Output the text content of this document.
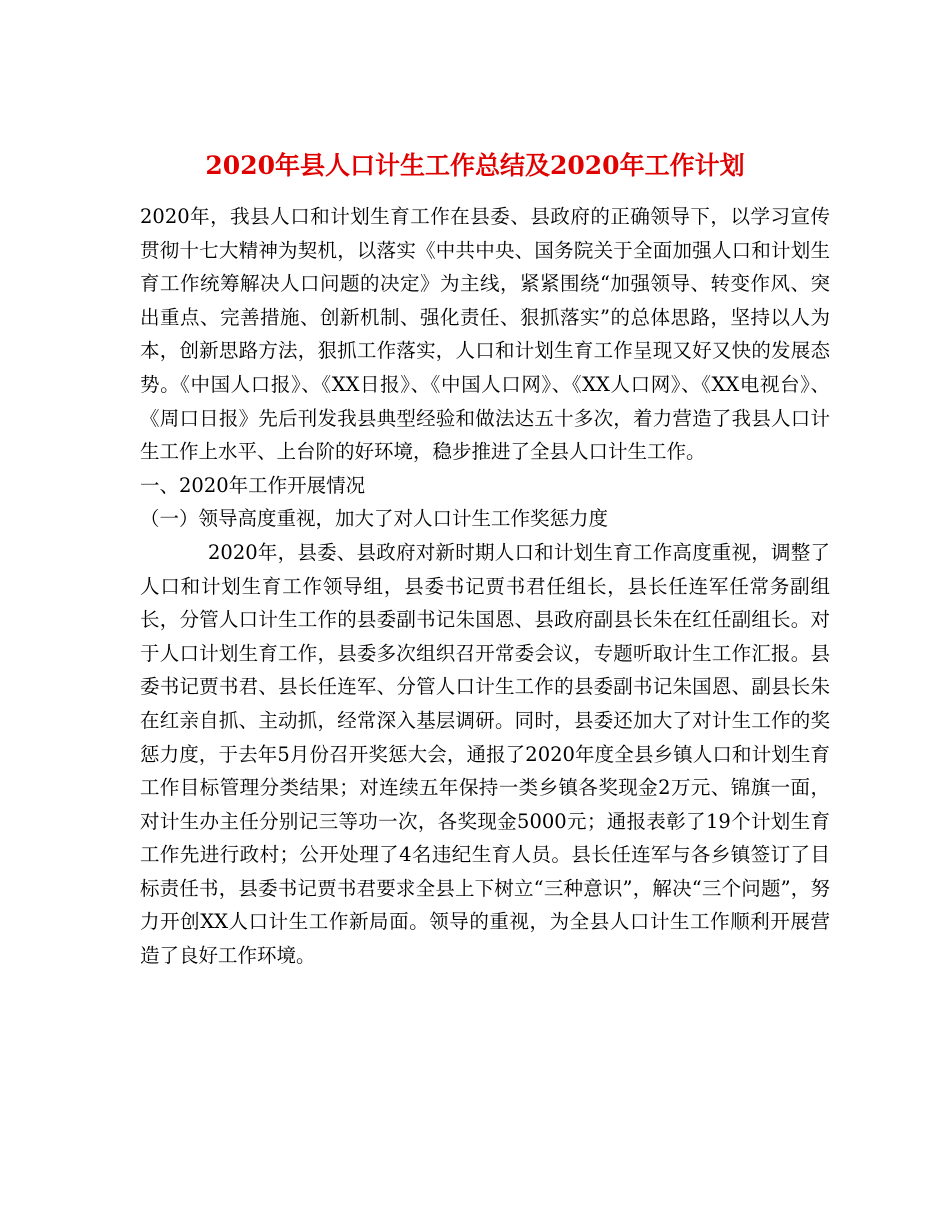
2020年县人口计生工作总结及2020年工作计划

2020年，我县人口和计划生育工作在县委、县政府的正确领导下，以学习宣传贯彻十七大精神为契机，以落实《中共中央、国务院关于全面加强人口和计划生育工作统筹解决人口问题的决定》为主线，紧紧围绕“加强领导、转变作风、突出重点、完善措施、创新机制、强化责任、狠抓落实”的总体思路，坚持以人为本，创新思路方法，狠抓工作落实，人口和计划生育工作呈现又好又快的发展态势。《中国人口报》、《XX日报》、《中国人口网》、《XX人口网》、《XX电视台》、《周口日报》先后刊发我县典型经验和做法达五十多次，着力营造了我县人口计生工作上水平、上台阶的好环境，稳步推进了全县人口计生工作。

一、2020年工作开展情况

（一）领导高度重视，加大了对人口计生工作奖惩力度

2020年，县委、县政府对新时期人口和计划生育工作高度重视，调整了人口和计划生育工作领导组，县委书记贾书君任组长，县长任连军任常务副组长，分管人口计生工作的县委副书记朱国恩、县政府副县长朱在红任副组长。对于人口计划生育工作，县委多次组织召开常委会议，专题听取计生工作汇报。县委书记贾书君、县长任连军、分管人口计生工作的县委副书记朱国恩、副县长朱在红亲自抓、主动抓，经常深入基层调研。同时，县委还加大了对计生工作的奖惩力度，于去年5月份召开奖惩大会，通报了2020年度全县乡镇人口和计划生育工作目标管理分类结果；对连续五年保持一类乡镇各奖现金2万元、锦旗一面，对计生办主任分别记三等功一次，各奖现金5000元；通报表彰了19个计划生育工作先进行政村；公开处理了4名违纪生育人员。县长任连军与各乡镇签订了目标责任书，县委书记贾书君要求全县上下树立“三种意识”，解决“三个问题”，努力开创XX人口计生工作新局面。领导的重视，为全县人口计生工作顺利开展营造了良好工作环境。
